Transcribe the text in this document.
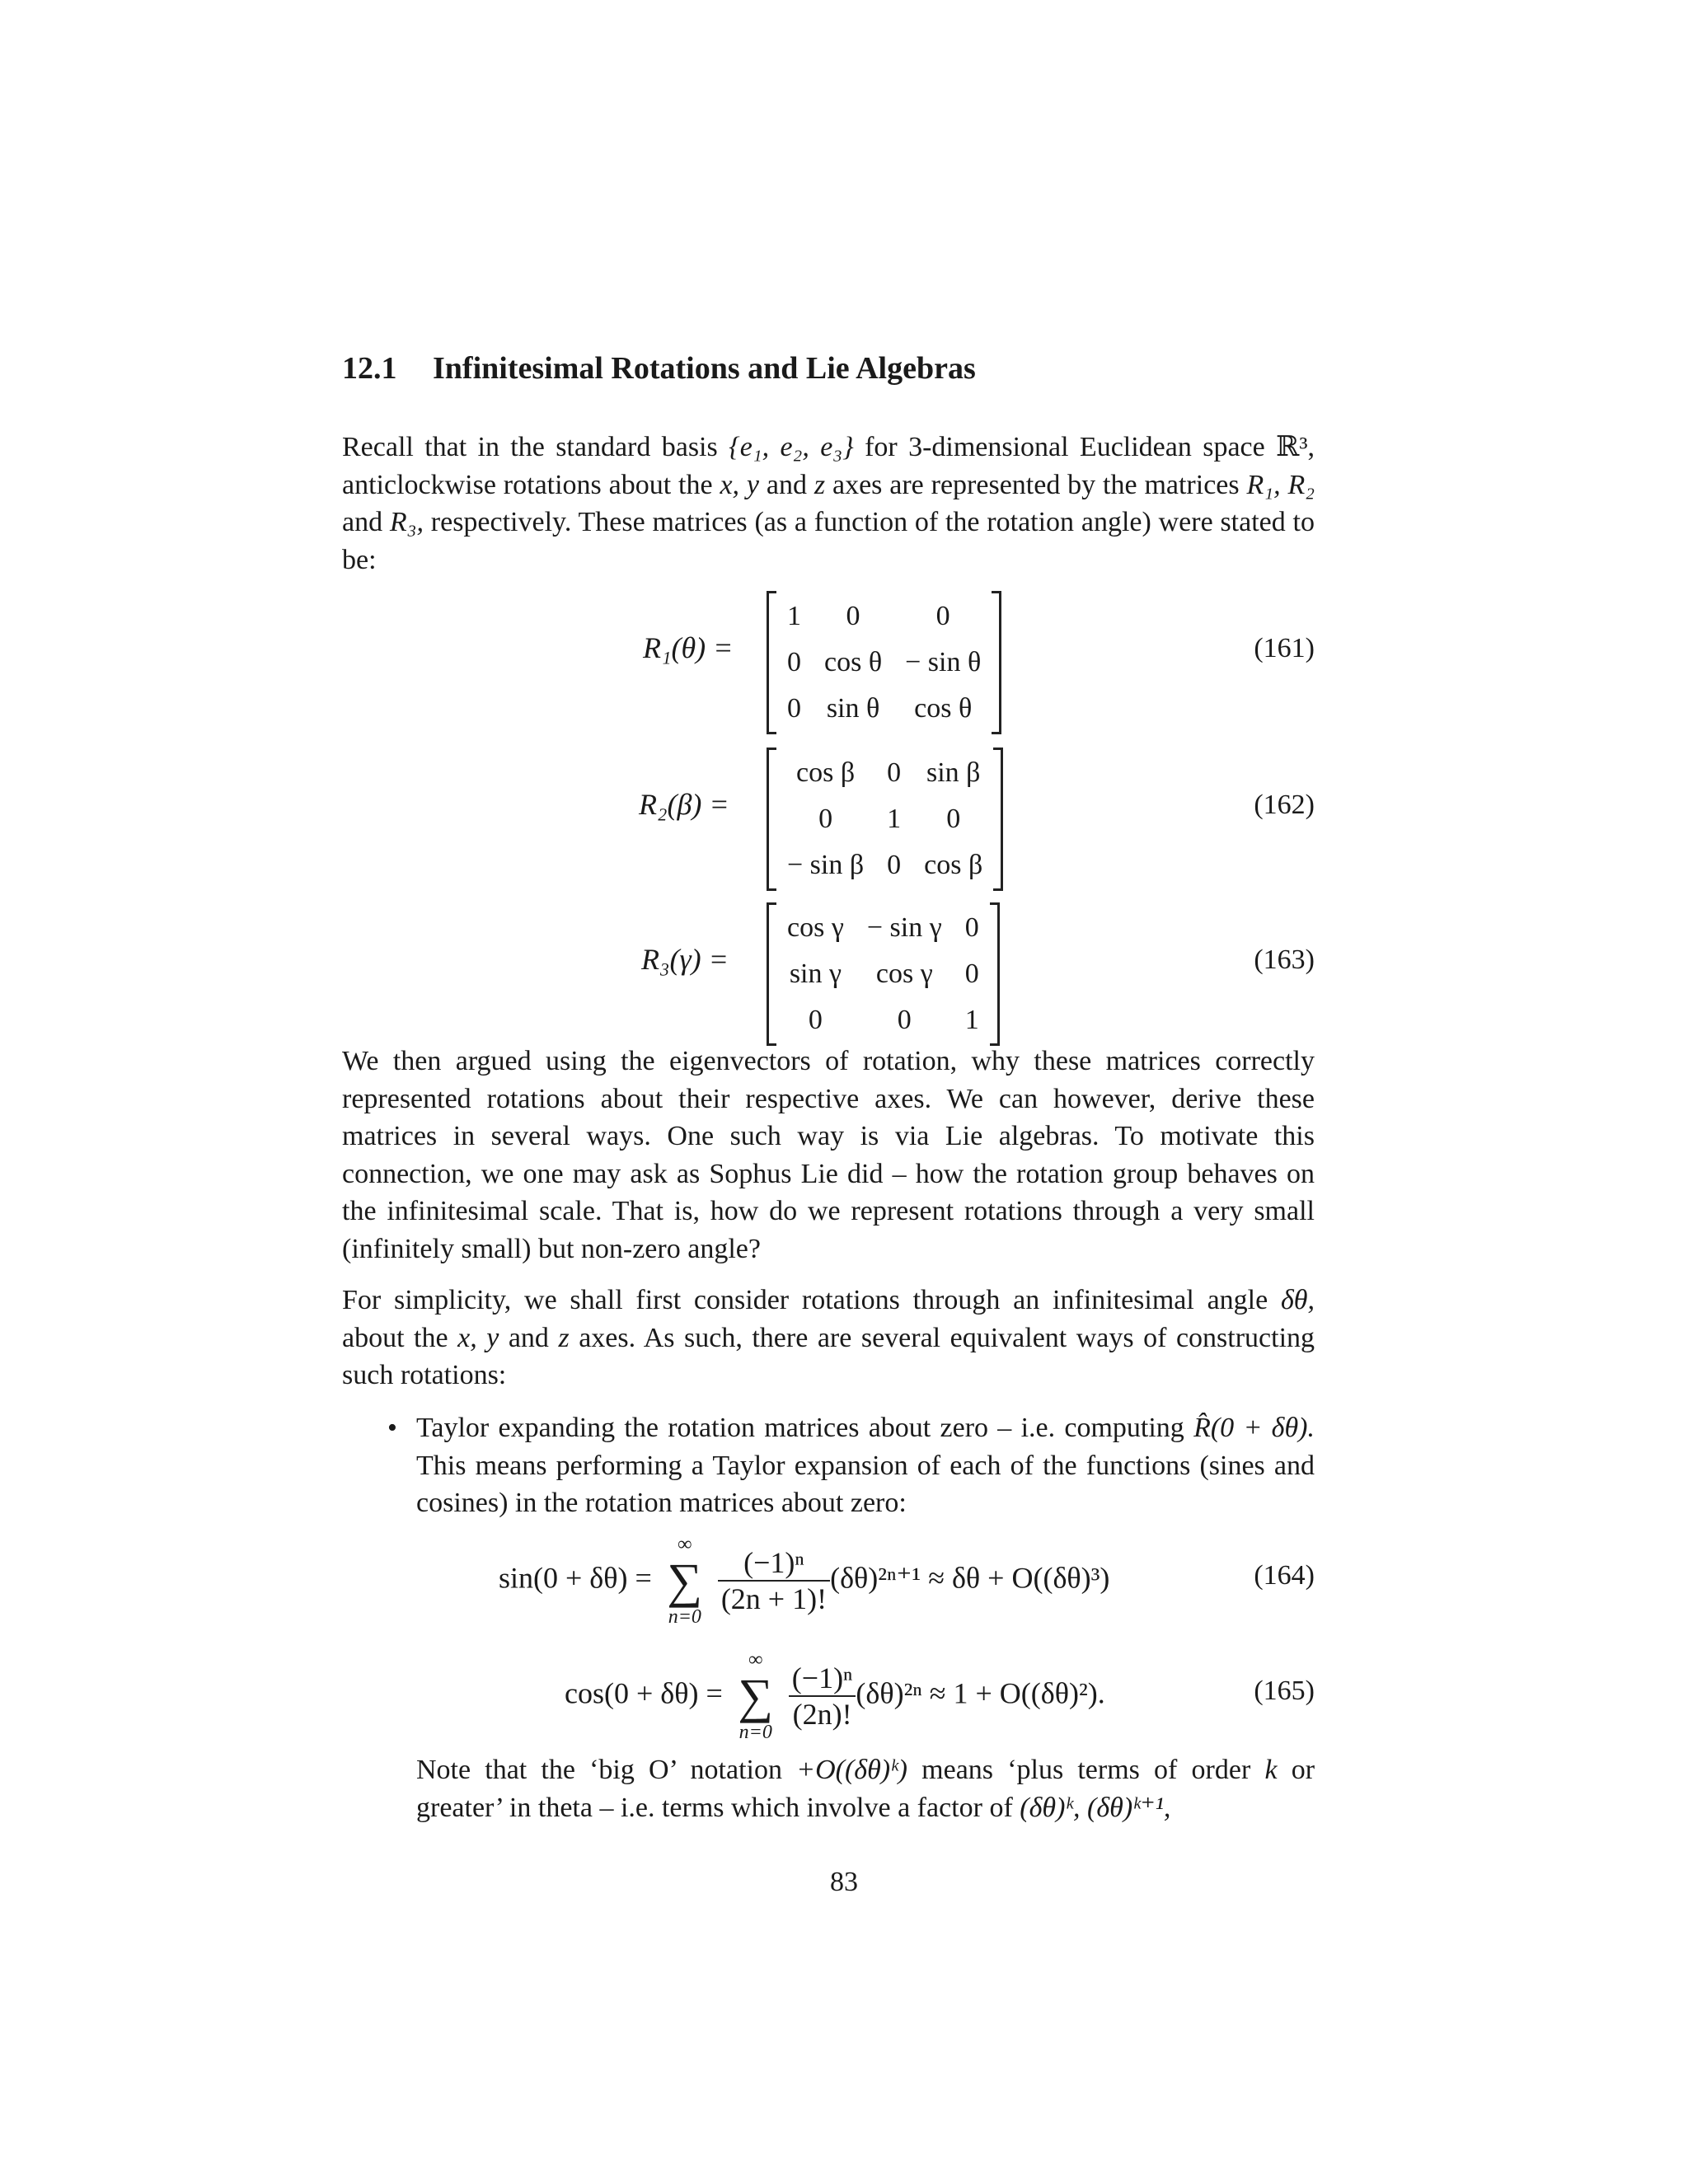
12.1 Infinitesimal Rotations and Lie Algebras

Recall that in the standard basis {e₁, e₂, e₃} for 3-dimensional Euclidean space ℝ³, anticlockwise rotations about the x, y and z axes are represented by the matrices R₁, R₂ and R₃, respectively. These matrices (as a function of the rotation angle) were stated to be:

R₁(θ) =
1	0	0
0	cos θ	− sin θ
0	sin θ	cos θ
(161)
R₂(β) =
cos β	0	sin β
0	1	0
− sin β	0	cos β
(162)
R₃(γ) =
cos γ	− sin γ	0
sin γ	cos γ	0
0	0	1
(163)

We then argued using the eigenvectors of rotation, why these matrices correctly represented rotations about their respective axes. We can however, derive these matrices in several ways. One such way is via Lie algebras. To motivate this connection, we one may ask as Sophus Lie did – how the rotation group behaves on the infinitesimal scale. That is, how do we represent rotations through a very small (infinitely small) but non-zero angle?

For simplicity, we shall first consider rotations through an infinitesimal angle δθ, about the x, y and z axes. As such, there are several equivalent ways of constructing such rotations:

• Taylor expanding the rotation matrices about zero – i.e. computing R̂(0 + δθ). This means performing a Taylor expansion of each of the functions (sines and cosines) in the rotation matrices about zero:
sin(0 + δθ) =
∞
∑
n=0

$\frac{\text{(−1)ⁿ}}{(2n + 1)!} (\delta\theta)^{2n+1} \approx \delta\theta + O((\delta\theta)^3)$	(164)
cos(0 + δθ) =
∞
∑
n=0

$\frac{\text{(−1)ⁿ}}{(2n)!} (\delta\theta)^{2n} \approx 1 + O((\delta\theta)^2)$.	(165)

Note that the ‘big O’ notation +O((δθ)ᵏ) means ‘plus terms of order k or greater’ in theta – i.e. terms which involve a factor of (δθ)ᵏ, (δθ)ᵏ⁺¹,

83
